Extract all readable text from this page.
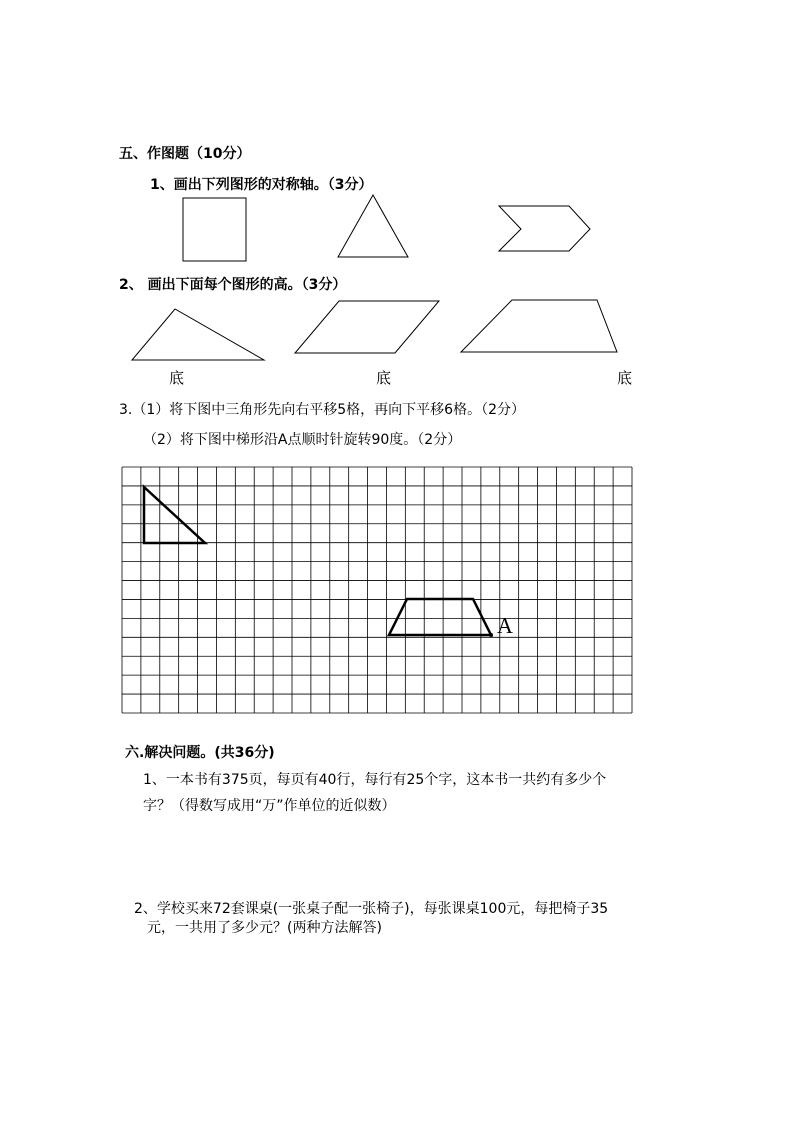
五、作图题（10分）
1、画出下列图形的对称轴。（3分）
2、 画出下面每个图形的高。（3分）
底	底	底
3.（1）将下图中三角形先向右平移5格，再向下平移6格。（2分）
（2）将下图中梯形沿A点顺时针旋转90度。（2分）
A
六.解决问题。(共36分)
1、一本书有375页，每页有40行，每行有25个字，这本书一共约有多少个
字？（得数写成用“万”作单位的近似数）
2、学校买来72套课桌(一张桌子配一张椅子)，每张课桌100元，每把椅子35
元，一共用了多少元？(两种方法解答)
